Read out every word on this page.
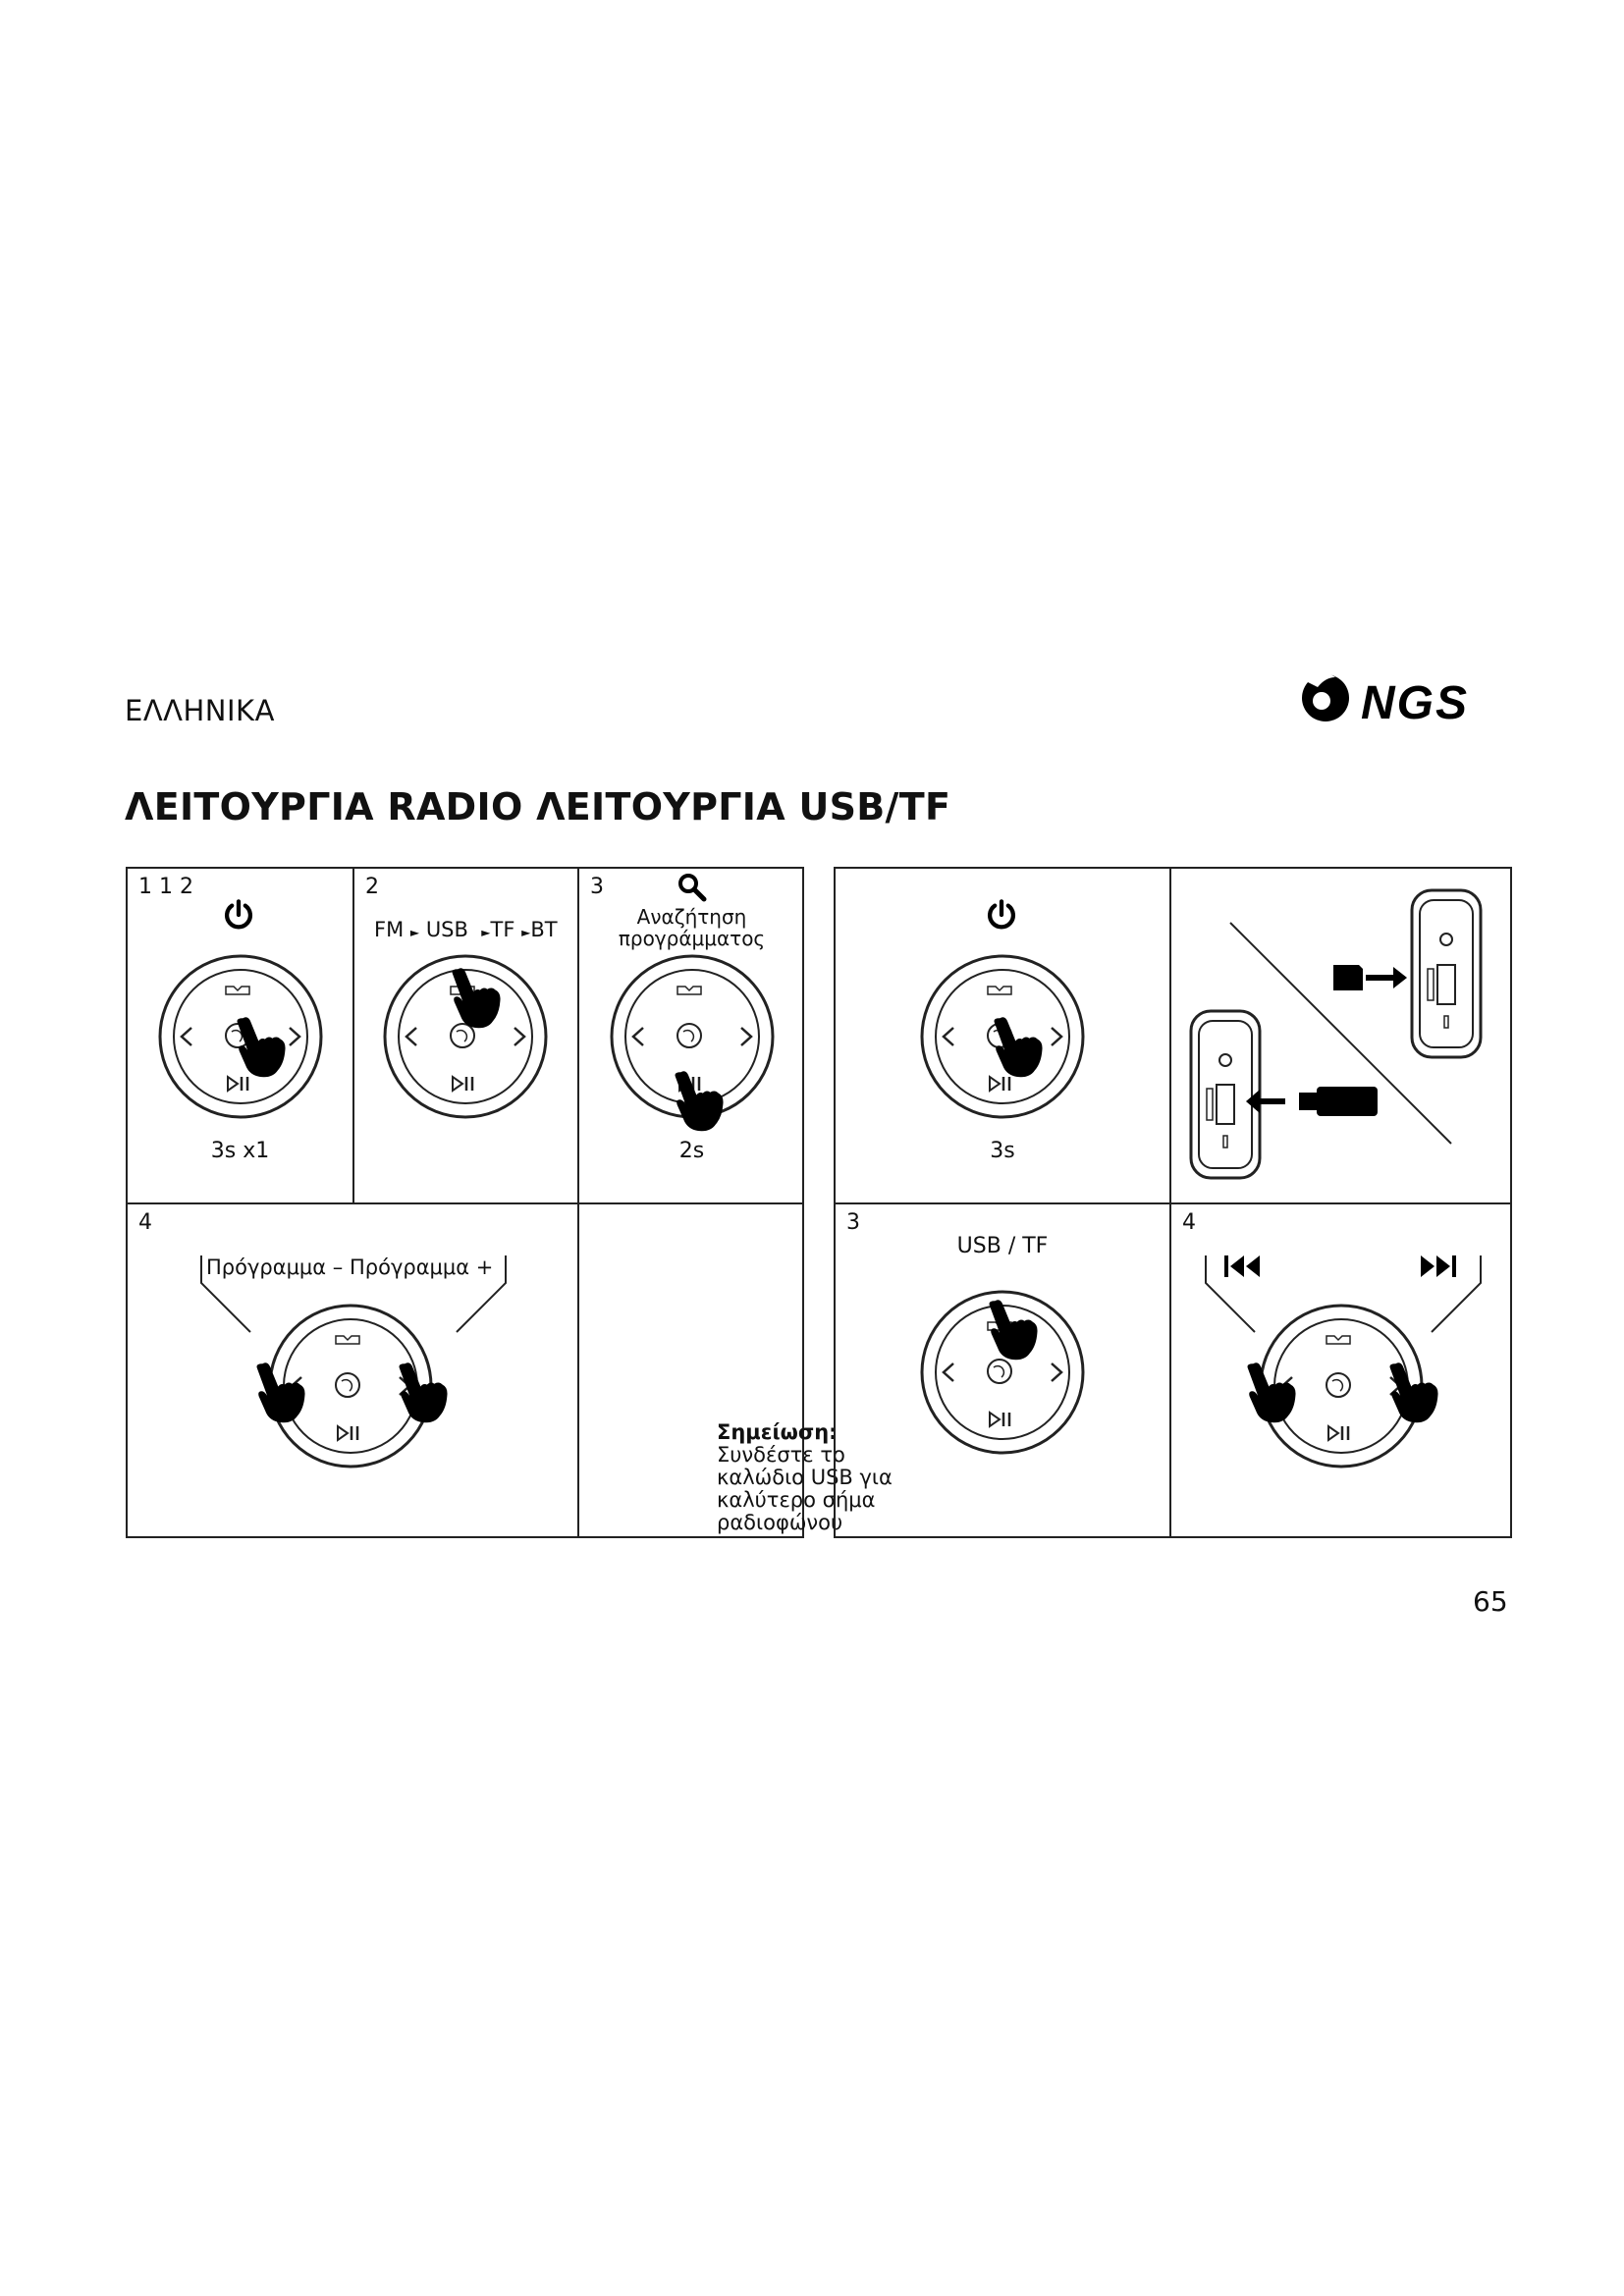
ΕΛΛΗΝΙΚΑ	NGS
ΛΕΙΤΟΥΡΓΙΑ RADIO ΛΕΙΤΟΥΡΓΙΑ USB/TF
1 1 2
3s x1
2
FM ► USB ►TF ►BT
3
Αναζήτηση
προγράμματος
2s
4
Πρόγραμμα – Πρόγραμμα +
Σημείωση:
Συνδέστε το
καλώδιο USB για
καλύτερο σήμα
ραδιοφώνου
3s
3
USB / TF
4
65
